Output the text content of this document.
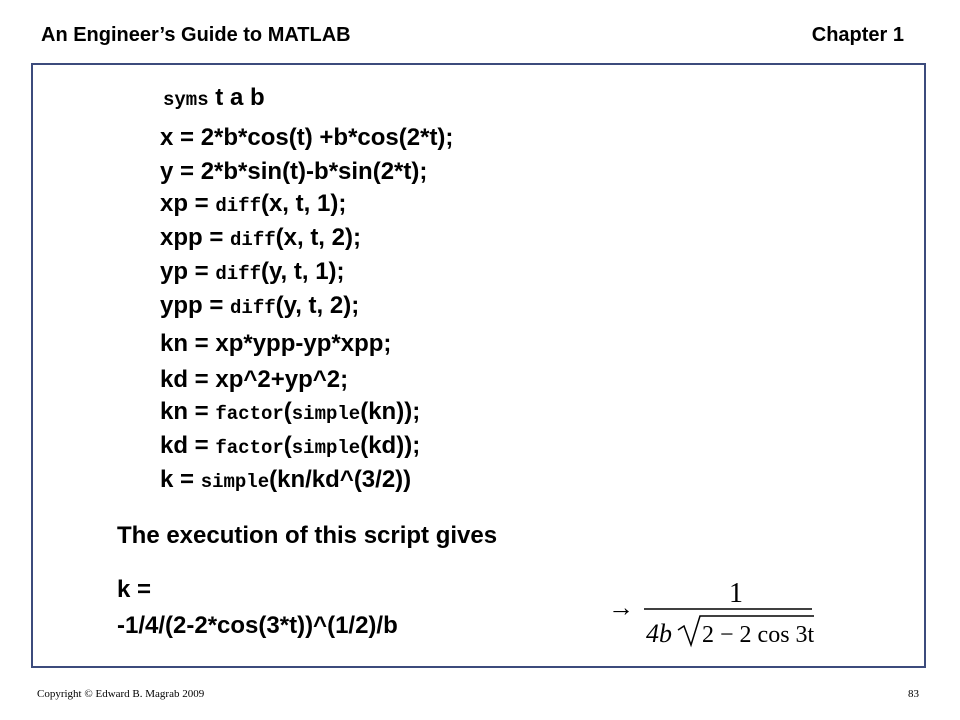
An Engineer’s Guide to MATLAB	Chapter 1
syms t a b
x = 2*b*cos(t) +b*cos(2*t);
y = 2*b*sin(t)-b*sin(2*t);
xp = diff(x, t, 1);
xpp = diff(x, t, 2);
yp = diff(y, t, 1);
ypp = diff(y, t, 2);
kn = xp*ypp-yp*xpp;
kd = xp^2+yp^2;
kn = factor(simple(kn));
kd = factor(simple(kd));
k = simple(kn/kd^(3/2))
The execution of this script gives
k =
-1/4/(2-2*cos(3*t))^(1/2)/b
→	1
4b 2 − 2 cos 3t
Copyright © Edward B. Magrab 2009	83
